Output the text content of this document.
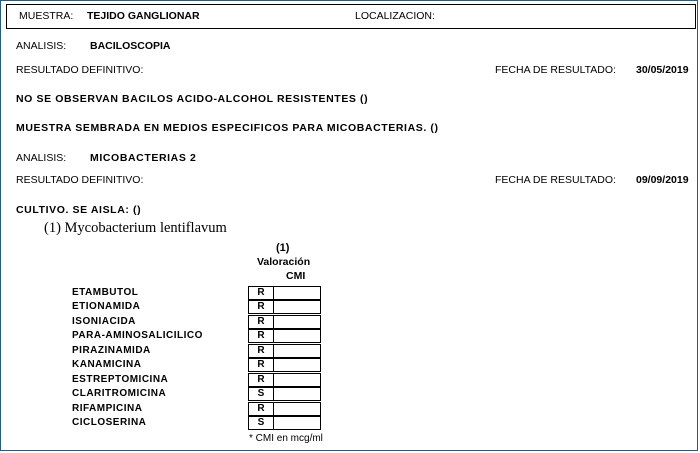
MUESTRA: TEJIDO GANGLIONAR	LOCALIZACION:
ANALISIS: BACILOSCOPIA
RESULTADO DEFINITIVO:	FECHA DE RESULTADO: 30/05/2019
NO SE OBSERVAN BACILOS ACIDO-ALCOHOL RESISTENTES ()
MUESTRA SEMBRADA EN MEDIOS ESPECIFICOS PARA MICOBACTERIAS. ()
ANALISIS: MICOBACTERIAS 2
RESULTADO DEFINITIVO:	FECHA DE RESULTADO: 09/09/2019
CULTIVO. SE AISLA: ()
(1) Mycobacterium lentiflavum
(1)
Valoración
CMI
ETAMBUTOL	R
ETIONAMIDA	R
ISONIACIDA	R
PARA-AMINOSALICILICO	R
PIRAZINAMIDA	R
KANAMICINA	R
ESTREPTOMICINA	R
CLARITROMICINA	S
RIFAMPICINA	R
CICLOSERINA	S
* CMI en mcg/ml
